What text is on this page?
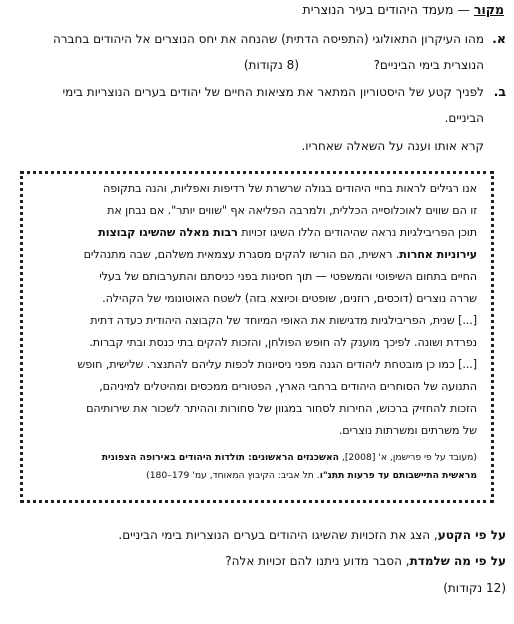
מקור — מעמד היהודים בעיר הנוצרית
א.
מהו העיקרון התאולוגי (התפיסה הדתית) שהנחה את יחס הנוצרים אל היהודים בחברה
הנוצרית בימי הביניים?
(8 נקודות)
ב.
לפניך קטע של היסטוריון המתאר את מציאות החיים של יהודים בערים הנוצריות בימי
הביניים.
קרא אותו וענה על השאלה שאחריו.
אנו רגילים לראות בחיי היהודים בגולה שרשרת של רדיפות ואפליות, והנה בתקופה
זו הם שווים לאוכלוסייה הכללית, ולמרבה הפליאה אף "שווים יותר". אם נבחן את
תוכן הפריבילגיות נראה שהיהודים הללו השיגו זכויות רבות מאלה שהשיגו קבוצות
עירוניות אחרות. ראשית, הם הורשו להקים מסגרת עצמאית משלהם, שבה מתנהלים
החיים בתחום השיפוטי והמשפטי — תוך חסינות בפני כניסתם והתערבותם של בעלי
שררה נוצרים (דוכסים, רוזנים, שופטים וכיוצא בזה) לשטח האוטונומי של הקהילה.
[...] שנית, הפריבילגיות מדגישות את האופי המיוחד של הקבוצה היהודית כעדה דתית
נפרדת ושונה. לפיכך מוענק לה חופש הפולחן, והזכות להקים בתי כנסת ובתי קברות.
[...] כמו כן מובטחת ליהודים הגנה מפני ניסיונות לכפות עליהם להתנצר. שלישית, חופש
התנועה של הסוחרים היהודים ברחבי הארץ, הפטורים ממכסים ומהיטלים למיניהם,
הזכות להחזיק ברכוש, החירות לסחור במגוון של סחורות וההיתר לשכור את שירותיהם
של משרתים ומשרתות נוצרים.
(מעובד על פי פרישמן, א' [2008], האשכנזים הראשונים: תולדות היהודים באירופה הצפונית
מראשית התיישבותם עד פרעות תתנ"ו. תל אביב: הקיבוץ המאוחד, עמ' 179–180)
על פי הקטע, הצג את הזכויות שהשיגו היהודים בערים הנוצריות בימי הביניים.
על פי מה שלמדת, הסבר מדוע ניתנו להם זכויות אלה?
(12 נקודות)
